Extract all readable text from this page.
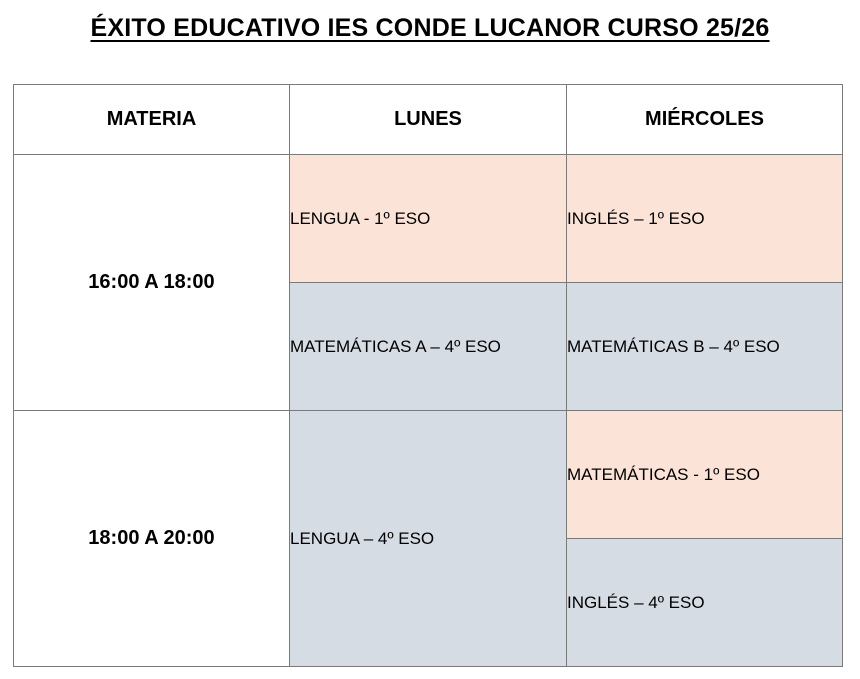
ÉXITO EDUCATIVO IES CONDE LUCANOR CURSO 25/26
MATERIA	LUNES	MIÉRCOLES
16:00 A 18:00	LENGUA - 1º ESO	INGLÉS – 1º ESO
	MATEMÁTICAS A – 4º ESO	MATEMÁTICAS B – 4º ESO
18:00 A 20:00	LENGUA – 4º ESO	MATEMÁTICAS - 1º ESO
		INGLÉS – 4º ESO
